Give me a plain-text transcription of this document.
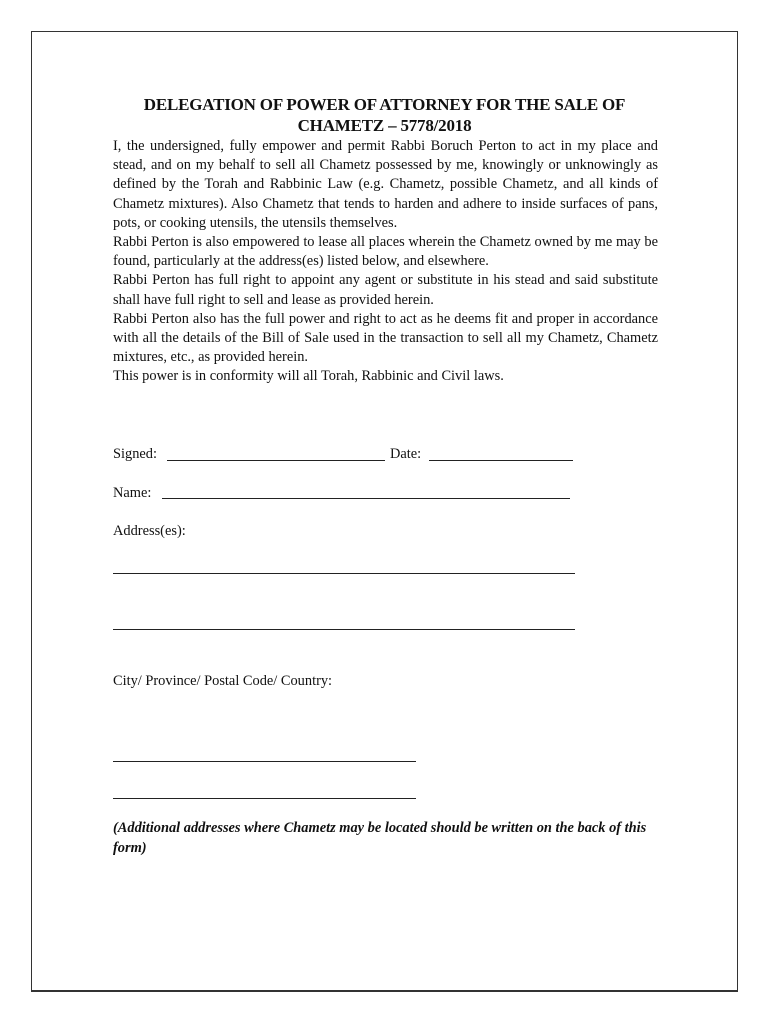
DELEGATION OF POWER OF ATTORNEY FOR THE SALE OF
CHAMETZ – 5778/2018

I, the undersigned, fully empower and permit Rabbi Boruch Perton to act in my place and stead, and on my behalf to sell all Chametz possessed by me, knowingly or unknowingly as defined by the Torah and Rabbinic Law (e.g. Chametz, possible Chametz, and all kinds of Chametz mixtures). Also Chametz that tends to harden and adhere to inside surfaces of pans, pots, or cooking utensils, the utensils themselves.

Rabbi Perton is also empowered to lease all places wherein the Chametz owned by me may be found, particularly at the address(es) listed below, and elsewhere.

Rabbi Perton has full right to appoint any agent or substitute in his stead and said substitute shall have full right to sell and lease as provided herein.

Rabbi Perton also has the full power and right to act as he deems fit and proper in accordance with all the details of the Bill of Sale used in the transaction to sell all my Chametz, Chametz mixtures, etc., as provided herein.

This power is in conformity will all Torah, Rabbinic and Civil laws.

Signed:	Date:
Name:
Address(es):
City/ Province/ Postal Code/ Country:
(Additional addresses where Chametz may be located should be written on the back of this form)
